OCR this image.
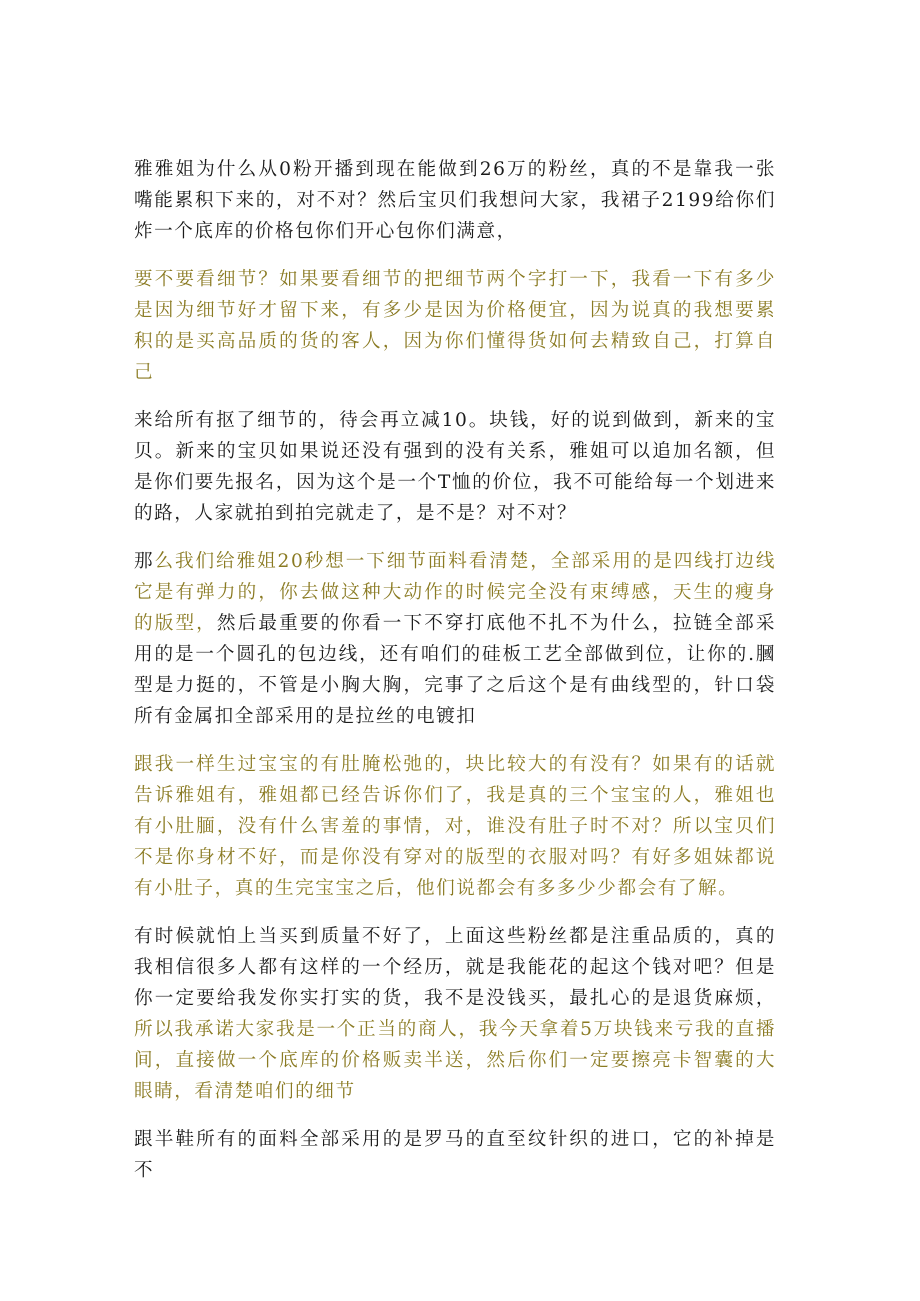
雅雅姐为什么从0粉开播到现在能做到26万的粉丝，真的不是靠我一张嘴能累积下来的，对不对？然后宝贝们我想问大家，我裙子2199给你们炸一个底库的价格包你们开心包你们满意，

要不要看细节？如果要看细节的把细节两个字打一下，我看一下有多少是因为细节好才留下来，有多少是因为价格便宜，因为说真的我想要累积的是买高品质的货的客人，因为你们懂得货如何去精致自己，打算自己

来给所有抠了细节的，待会再立减10。块钱，好的说到做到，新来的宝贝。新来的宝贝如果说还没有强到的没有关系，雅姐可以追加名额，但是你们要先报名，因为这个是一个T恤的价位，我不可能给每一个划进来的路，人家就拍到拍完就走了，是不是？对不对？

那么我们给雅姐20秒想一下细节面料看清楚，全部采用的是四线打边线它是有弹力的，你去做这种大动作的时候完全没有束缚感，天生的瘦身的版型，然后最重要的你看一下不穿打底他不扎不为什么，拉链全部采用的是一个圆孔的包边线，还有咱们的硅板工艺全部做到位，让你的.膕型是力挺的，不管是小胸大胸，完事了之后这个是有曲线型的，针口袋所有金属扣全部采用的是拉丝的电镀扣

跟我一样生过宝宝的有肚腌松弛的，块比较大的有没有？如果有的话就告诉雅姐有，雅姐都已经告诉你们了，我是真的三个宝宝的人，雅姐也有小肚腼，没有什么害羞的事情，对，谁没有肚子时不对？所以宝贝们不是你身材不好，而是你没有穿对的版型的衣服对吗？有好多姐妹都说有小肚子，真的生完宝宝之后，他们说都会有多多少少都会有了解。

有时候就怕上当买到质量不好了，上面这些粉丝都是注重品质的，真的我相信很多人都有这样的一个经历，就是我能花的起这个钱对吧？但是你一定要给我发你实打实的货，我不是没钱买，最扎心的是退货麻烦，所以我承诺大家我是一个正当的商人，我今天拿着5万块钱来亏我的直播间，直接做一个底库的价格贩卖半送，然后你们一定要擦亮卡智囊的大眼睛，看清楚咱们的细节

跟半鞋所有的面料全部采用的是罗马的直至纹针织的进口，它的补掉是不
